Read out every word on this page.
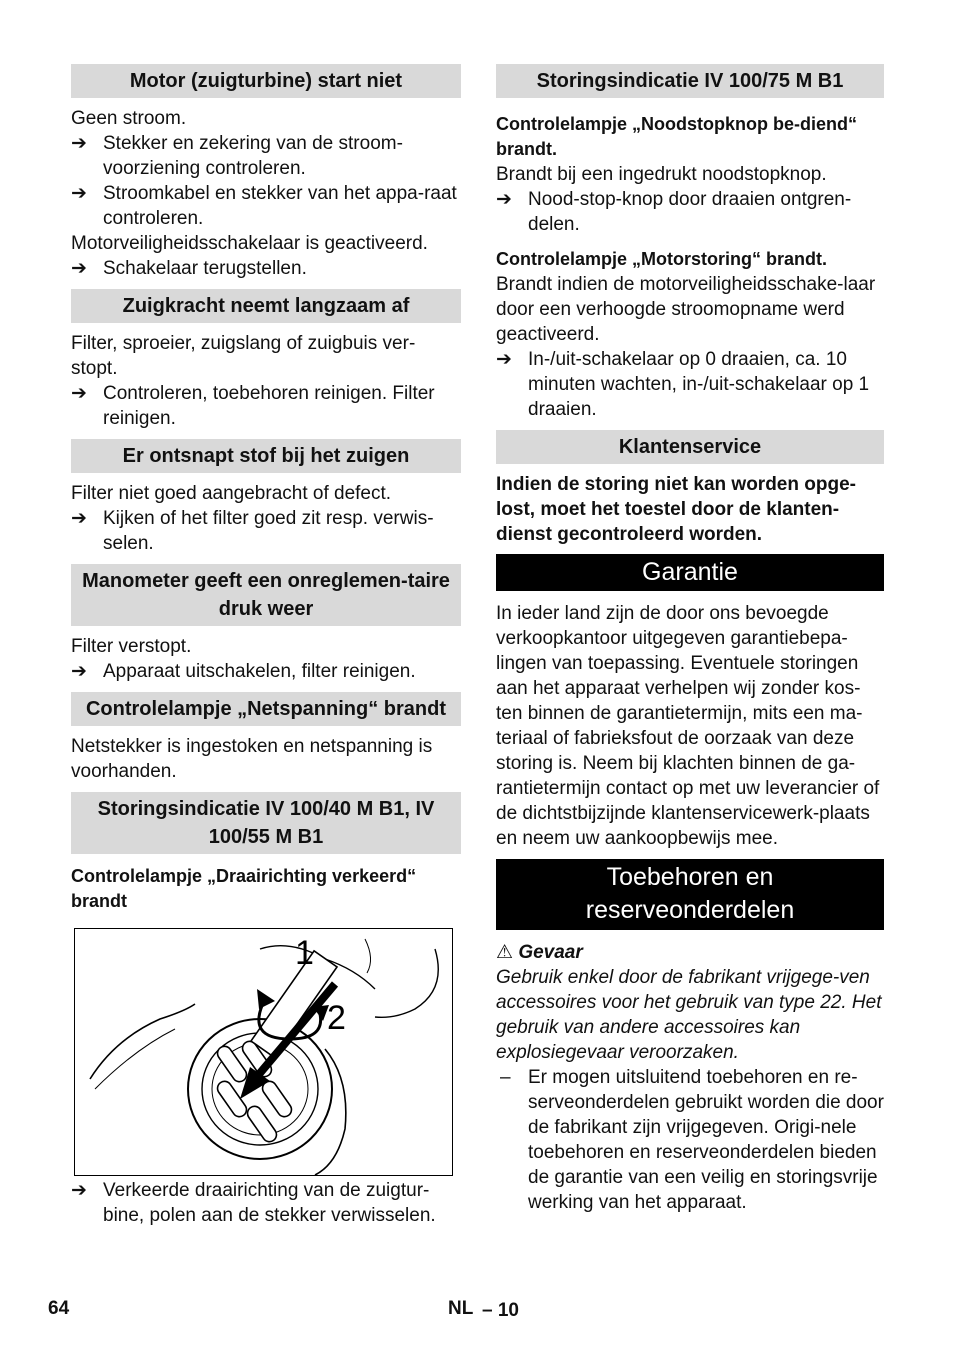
Motor (zuigturbine) start niet

Geen stroom.

➔ Stekker en zekering van de stroom-voorziening controleren.
➔ Stroomkabel en stekker van het appa-raat controleren.

Motorveiligheidsschakelaar is geactiveerd.

➔ Schakelaar terugstellen.
Zuigkracht neemt langzaam af

Filter, sproeier, zuigslang of zuigbuis ver-stopt.

➔ Controleren, toebehoren reinigen. Filter reinigen.
Er ontsnapt stof bij het zuigen

Filter niet goed aangebracht of defect.

➔ Kijken of het filter goed zit resp. verwis-selen.
Manometer geeft een onreglemen-taire druk weer

Filter verstopt.

➔ Apparaat uitschakelen, filter reinigen.
Controlelampje „Netspanning“ brandt

Netstekker is ingestoken en netspanning is voorhanden.

Storingsindicatie IV 100/40 M B1, IV 100/55 M B1

Controlelampje „Draairichting verkeerd“ brandt

1
2
➔ Verkeerde draairichting van de zuigtur-bine, polen aan de stekker verwisselen.
Storingsindicatie IV 100/75 M B1

Controlelampje „Noodstopknop be-diend“ brandt.

Brandt bij een ingedrukt noodstopknop.

➔ Nood-stop-knop door draaien ontgren-delen.

Controlelampje „Motorstoring“ brandt.

Brandt indien de motorveiligheidsschake-laar door een verhoogde stroomopname werd geactiveerd.

➔ In-/uit-schakelaar op 0 draaien, ca. 10 minuten wachten, in-/uit-schakelaar op 1 draaien.
Klantenservice

Indien de storing niet kan worden opge-lost, moet het toestel door de klanten-dienst gecontroleerd worden.

Garantie

In ieder land zijn de door ons bevoegde verkoopkantoor uitgegeven garantiebepa-lingen van toepassing. Eventuele storingen aan het apparaat verhelpen wij zonder kos-ten binnen de garantietermijn, mits een ma-teriaal of fabrieksfout de oorzaak van deze storing is. Neem bij klachten binnen de ga-rantietermijn contact op met uw leverancier of de dichtstbijzijnde klantenservicewerk-plaats en neem uw aankoopbewijs mee.

Toebehoren en
reserveonderdelen

⚠ Gevaar

Gebruik enkel door de fabrikant vrijgege-ven accessoires voor het gebruik van type 22. Het gebruik van andere accessoires kan explosiegevaar veroorzaken.

– Er mogen uitsluitend toebehoren en re-serveonderdelen gebruikt worden die door de fabrikant zijn vrijgegeven. Origi-nele toebehoren en reserveonderdelen bieden de garantie van een veilig en storingsvrije werking van het apparaat.
64	NL – 10
